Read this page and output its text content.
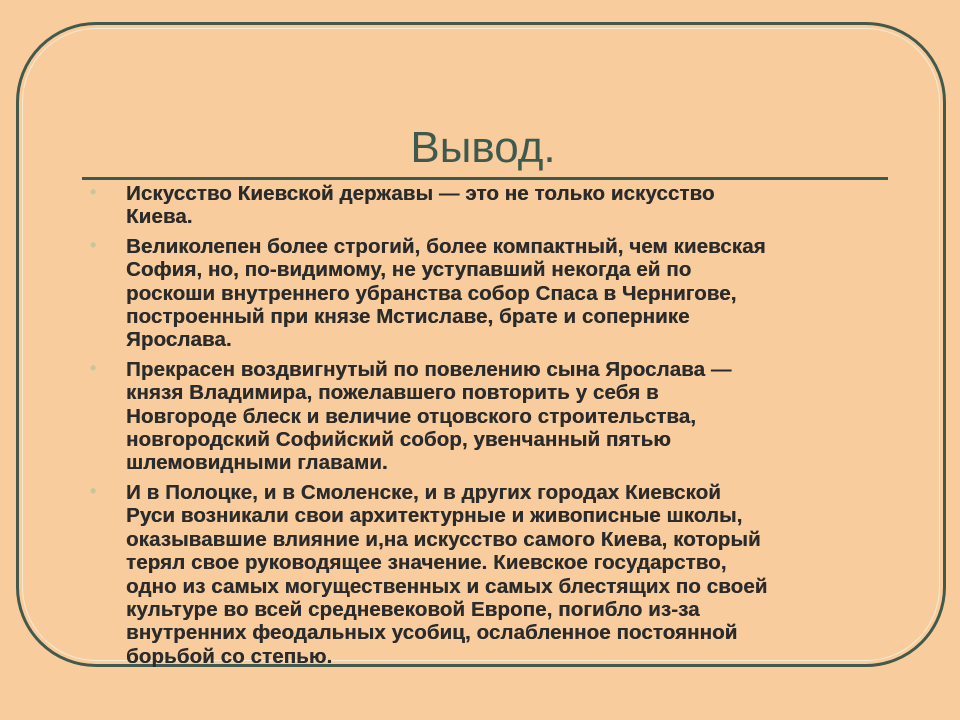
Вывод.
• Искусство Киевской державы — это не только искусство
Киева.
• Великолепен более строгий, более компактный, чем киевская
София, но, по-видимому, не уступавший некогда ей по
роскоши внутреннего убранства собор Спаса в Чернигове,
построенный при князе Мстиславе, брате и сопернике
Ярослава.
• Прекрасен воздвигнутый по повелению сына Ярослава —
князя Владимира, пожелавшего повторить у себя в
Новгороде блеск и величие отцовского строительства,
новгородский Софийский собор, увенчанный пятью
шлемовидными главами.
• И в Полоцке, и в Смоленске, и в других городах Киевской
Руси возникали свои архитектурные и живописные школы,
оказывавшие влияние и,на искусство самого Киева, который
терял свое руководящее значение. Киевское государство,
одно из самых могущественных и самых блестящих по своей
культуре во всей средневековой Европе, погибло из-за
внутренних феодальных усобиц, ослабленное постоянной
борьбой со степью.
